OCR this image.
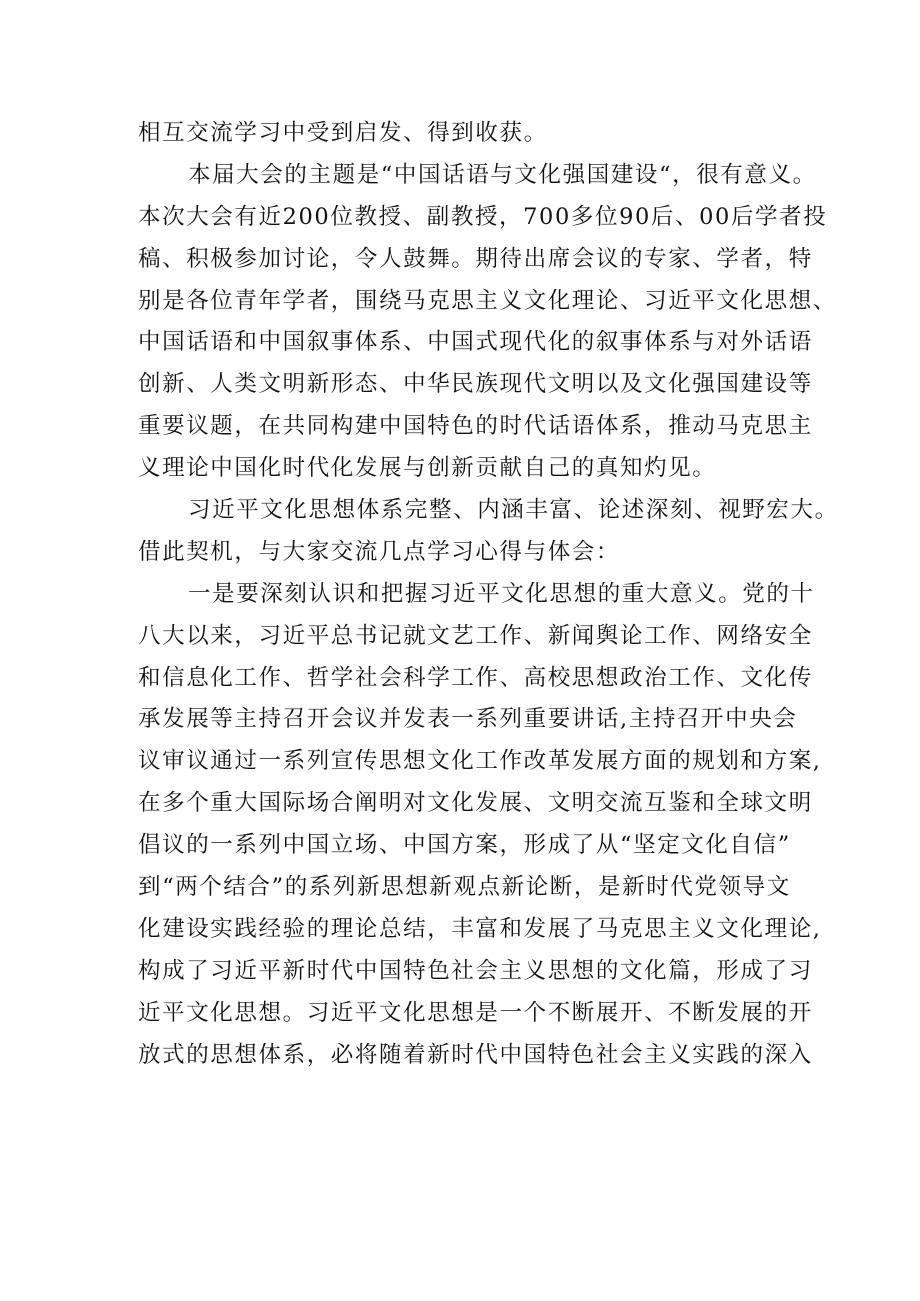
相互交流学习中受到启发、得到收获。
本届大会的主题是“中国话语与文化强国建设“，很有意义。
本次大会有近200位教授、副教授，700多位90后、00后学者投
稿、积极参加讨论，令人鼓舞。期待出席会议的专家、学者，特
别是各位青年学者，围绕马克思主义文化理论、习近平文化思想、
中国话语和中国叙事体系、中国式现代化的叙事体系与对外话语
创新、人类文明新形态、中华民族现代文明以及文化强国建设等
重要议题，在共同构建中国特色的时代话语体系，推动马克思主
义理论中国化时代化发展与创新贡献自己的真知灼见。
习近平文化思想体系完整、内涵丰富、论述深刻、视野宏大。
借此契机，与大家交流几点学习心得与体会：
一是要深刻认识和把握习近平文化思想的重大意义。党的十
八大以来，习近平总书记就文艺工作、新闻舆论工作、网络安全
和信息化工作、哲学社会科学工作、高校思想政治工作、文化传
承发展等主持召开会议并发表一系列重要讲话,主持召开中央会
议审议通过一系列宣传思想文化工作改革发展方面的规划和方案,
在多个重大国际场合阐明对文化发展、文明交流互鉴和全球文明
倡议的一系列中国立场、中国方案，形成了从“坚定文化自信”
到“两个结合”的系列新思想新观点新论断，是新时代党领导文
化建设实践经验的理论总结，丰富和发展了马克思主义文化理论,
构成了习近平新时代中国特色社会主义思想的文化篇，形成了习
近平文化思想。习近平文化思想是一个不断展开、不断发展的开
放式的思想体系，必将随着新时代中国特色社会主义实践的深入
